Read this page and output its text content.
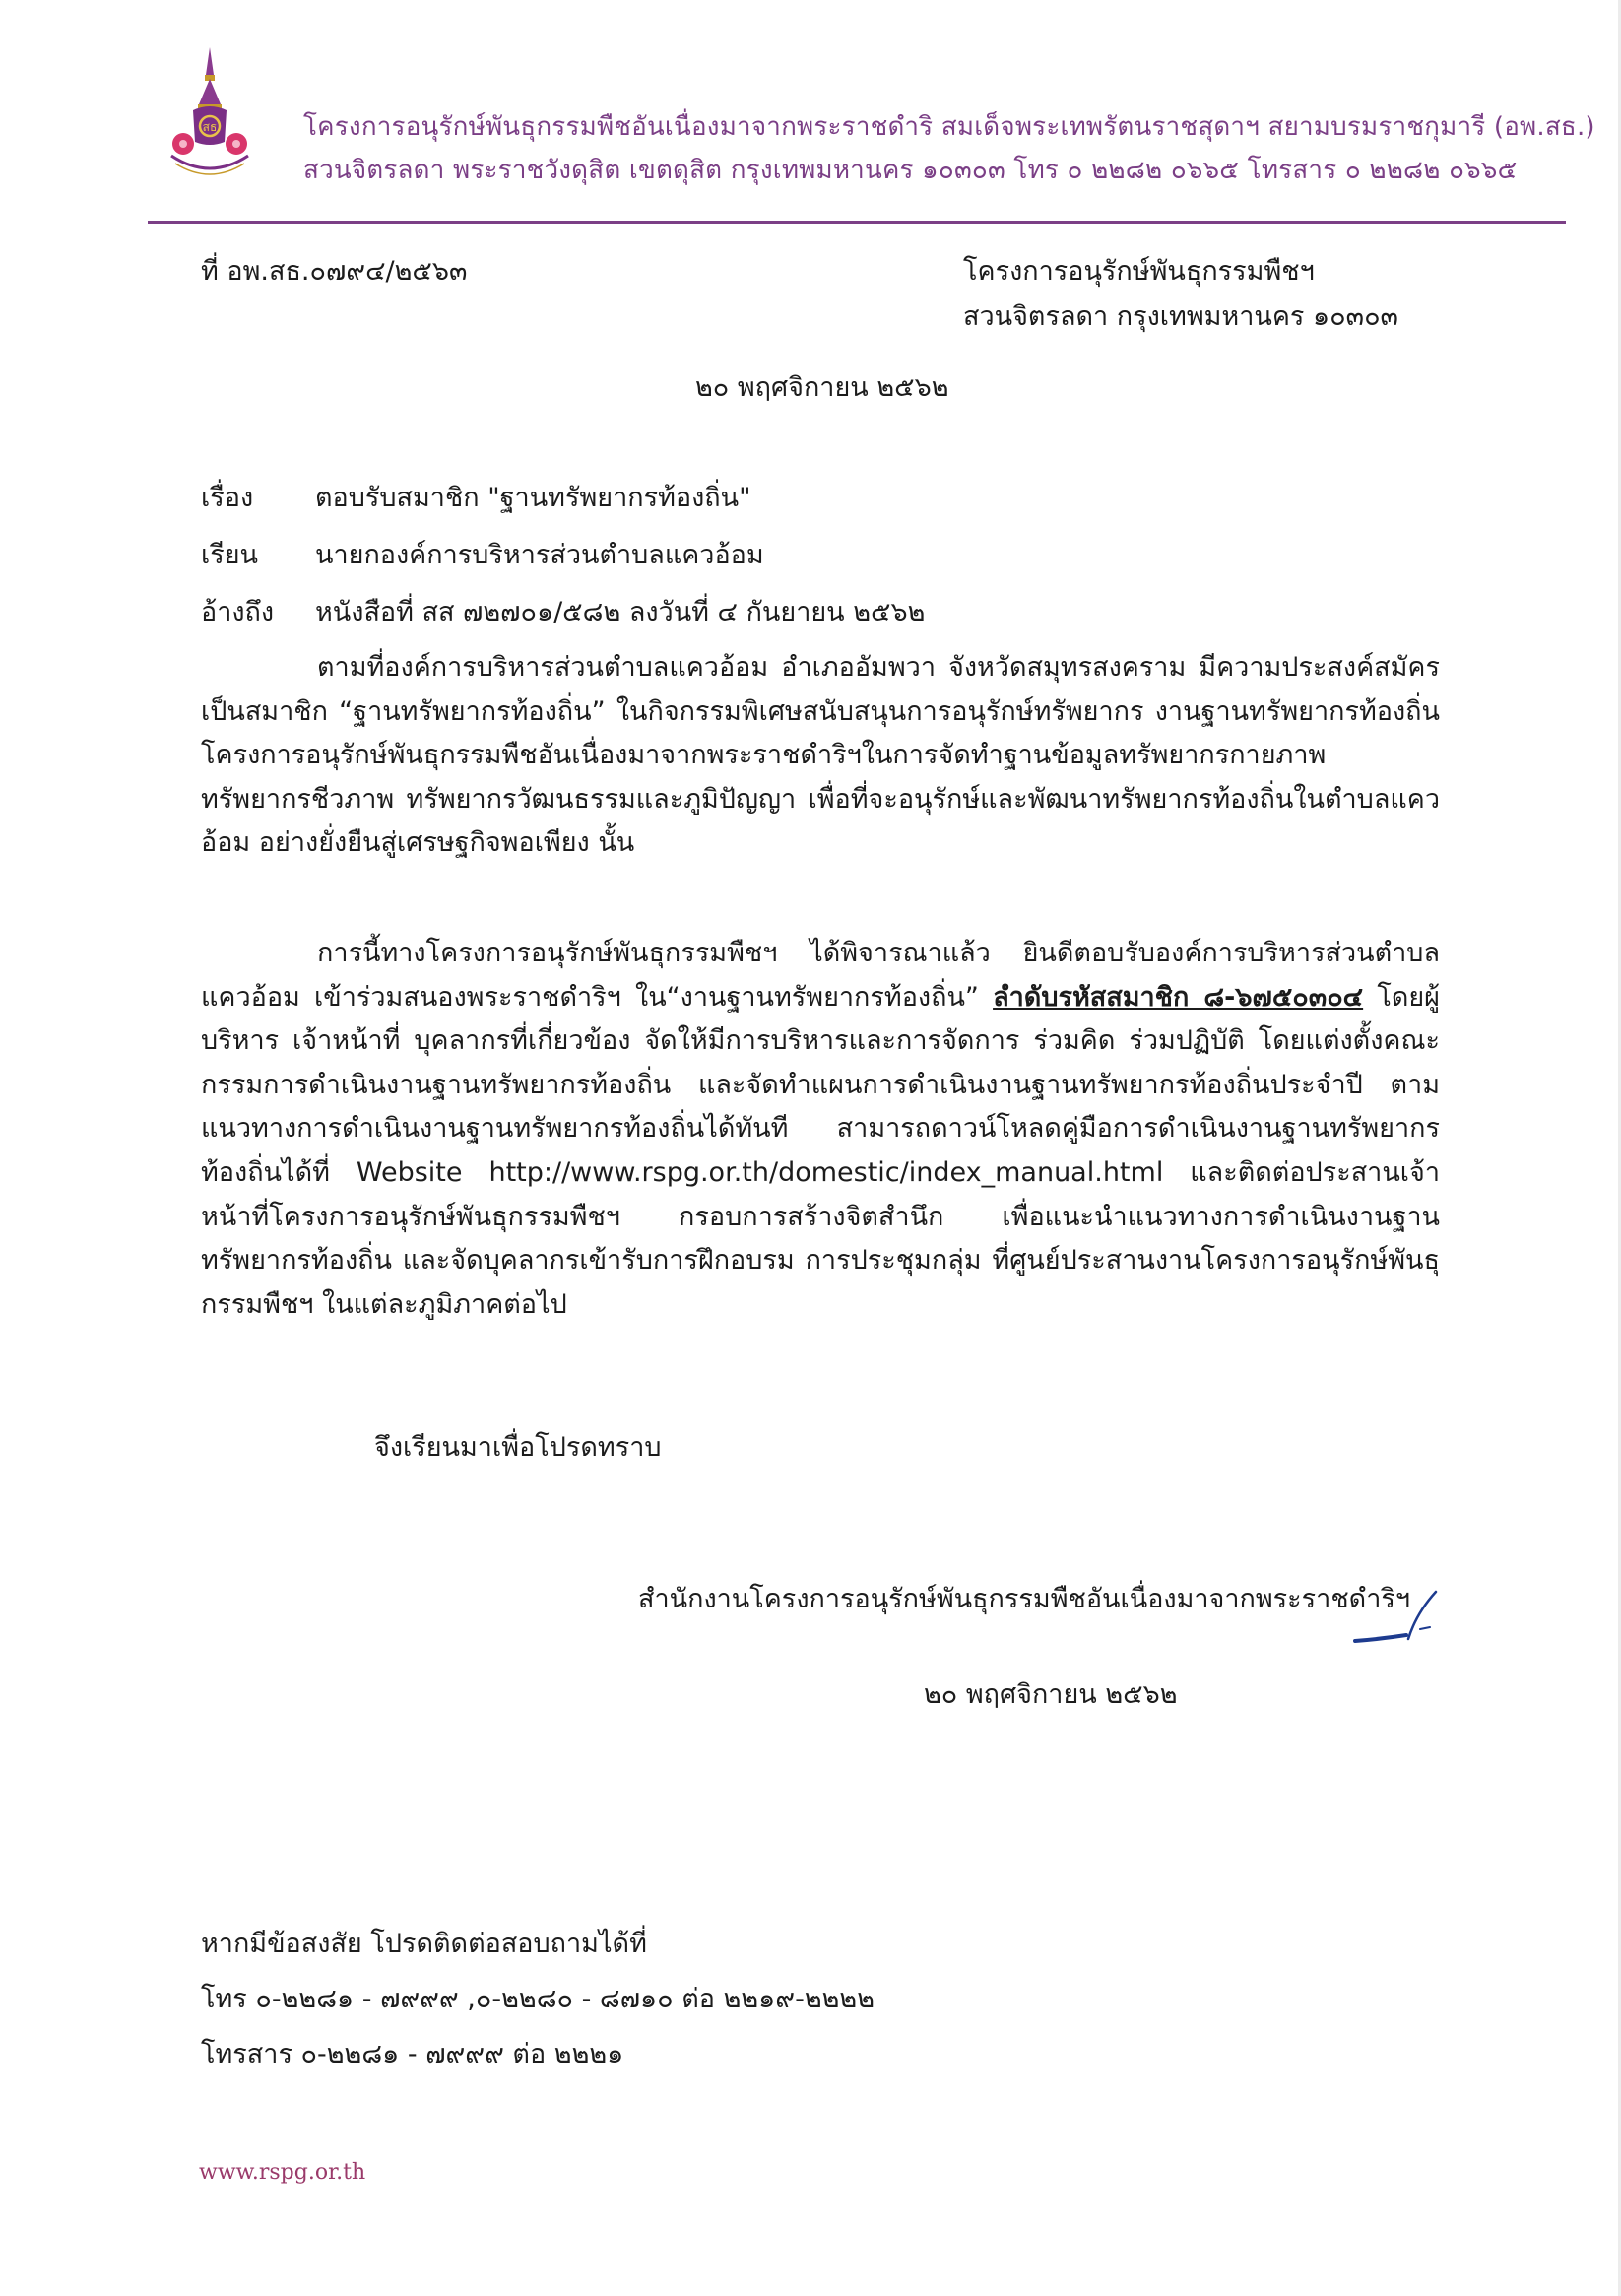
สธ	โครงการอนุรักษ์พันธุกรรมพืชอันเนื่องมาจากพระราชดำริ สมเด็จพระเทพรัตนราชสุดาฯ สยามบรมราชกุมารี (อพ.สธ.)
สวนจิตรลดา พระราชวังดุสิต เขตดุสิต กรุงเทพมหานคร ๑๐๓๐๓ โทร ๐ ๒๒๘๒ ๐๖๖๕ โทรสาร ๐ ๒๒๘๒ ๐๖๖๕
ที่ อพ.สธ.๐๗๙๔/๒๕๖๓	โครงการอนุรักษ์พันธุกรรมพืชฯ
สวนจิตรลดา กรุงเทพมหานคร ๑๐๓๐๓
๒๐ พฤศจิกายน ๒๕๖๒
เรื่อง ตอบรับสมาชิก "ฐานทรัพยากรท้องถิ่น"
เรียน นายกองค์การบริหารส่วนตำบลแควอ้อม
อ้างถึง หนังสือที่ สส ๗๒๗๐๑/๕๘๒ ลงวันที่ ๔ กันยายน ๒๕๖๒
ตามที่องค์การบริหารส่วนตำบลแควอ้อม อำเภออัมพวา จังหวัดสมุทรสงคราม มีความประสงค์สมัครเป็นสมาชิก “ฐานทรัพยากรท้องถิ่น” ในกิจกรรมพิเศษสนับสนุนการอนุรักษ์ทรัพยากร งานฐานทรัพยากรท้องถิ่น โครงการอนุรักษ์พันธุกรรมพืชอันเนื่องมาจากพระราชดำริฯในการจัดทำฐานข้อมูลทรัพยากรกายภาพ ทรัพยากรชีวภาพ ทรัพยากรวัฒนธรรมและภูมิปัญญา เพื่อที่จะอนุรักษ์และพัฒนาทรัพยากรท้องถิ่นในตำบลแควอ้อม อย่างยั่งยืนสู่เศรษฐกิจพอเพียง นั้น
การนี้ทางโครงการอนุรักษ์พันธุกรรมพืชฯ ได้พิจารณาแล้ว ยินดีตอบรับองค์การบริหารส่วนตำบลแควอ้อม เข้าร่วมสนองพระราชดำริฯ ใน“งานฐานทรัพยากรท้องถิ่น” ลำดับรหัสสมาชิก ๘-๖๗๕๐๓๐๔ โดยผู้บริหาร เจ้าหน้าที่ บุคลากรที่เกี่ยวข้อง จัดให้มีการบริหารและการจัดการ ร่วมคิด ร่วมปฏิบัติ โดยแต่งตั้งคณะกรรมการดำเนินงานฐานทรัพยากรท้องถิ่น และจัดทำแผนการดำเนินงานฐานทรัพยากรท้องถิ่นประจำปี ตามแนวทางการดำเนินงานฐานทรัพยากรท้องถิ่นได้ทันที สามารถดาวน์โหลดคู่มือการดำเนินงานฐานทรัพยากรท้องถิ่นได้ที่ Website http://www.rspg.or.th/domestic/index_manual.html และติดต่อประสานเจ้าหน้าที่โครงการอนุรักษ์พันธุกรรมพืชฯ กรอบการสร้างจิตสำนึก เพื่อแนะนำแนวทางการดำเนินงานฐานทรัพยากรท้องถิ่น และจัดบุคลากรเข้ารับการฝึกอบรม การประชุมกลุ่ม ที่ศูนย์ประสานงานโครงการอนุรักษ์พันธุกรรมพืชฯ ในแต่ละภูมิภาคต่อไป
จึงเรียนมาเพื่อโปรดทราบ
สำนักงานโครงการอนุรักษ์พันธุกรรมพืชอันเนื่องมาจากพระราชดำริฯ
๒๐ พฤศจิกายน ๒๕๖๒
หากมีข้อสงสัย โปรดติดต่อสอบถามได้ที่
โทร ๐-๒๒๘๑ - ๗๙๙๙ ,๐-๒๒๘๐ - ๘๗๑๐ ต่อ ๒๒๑๙-๒๒๒๒
โทรสาร ๐-๒๒๘๑ - ๗๙๙๙ ต่อ ๒๒๒๑
www.rspg.or.th
